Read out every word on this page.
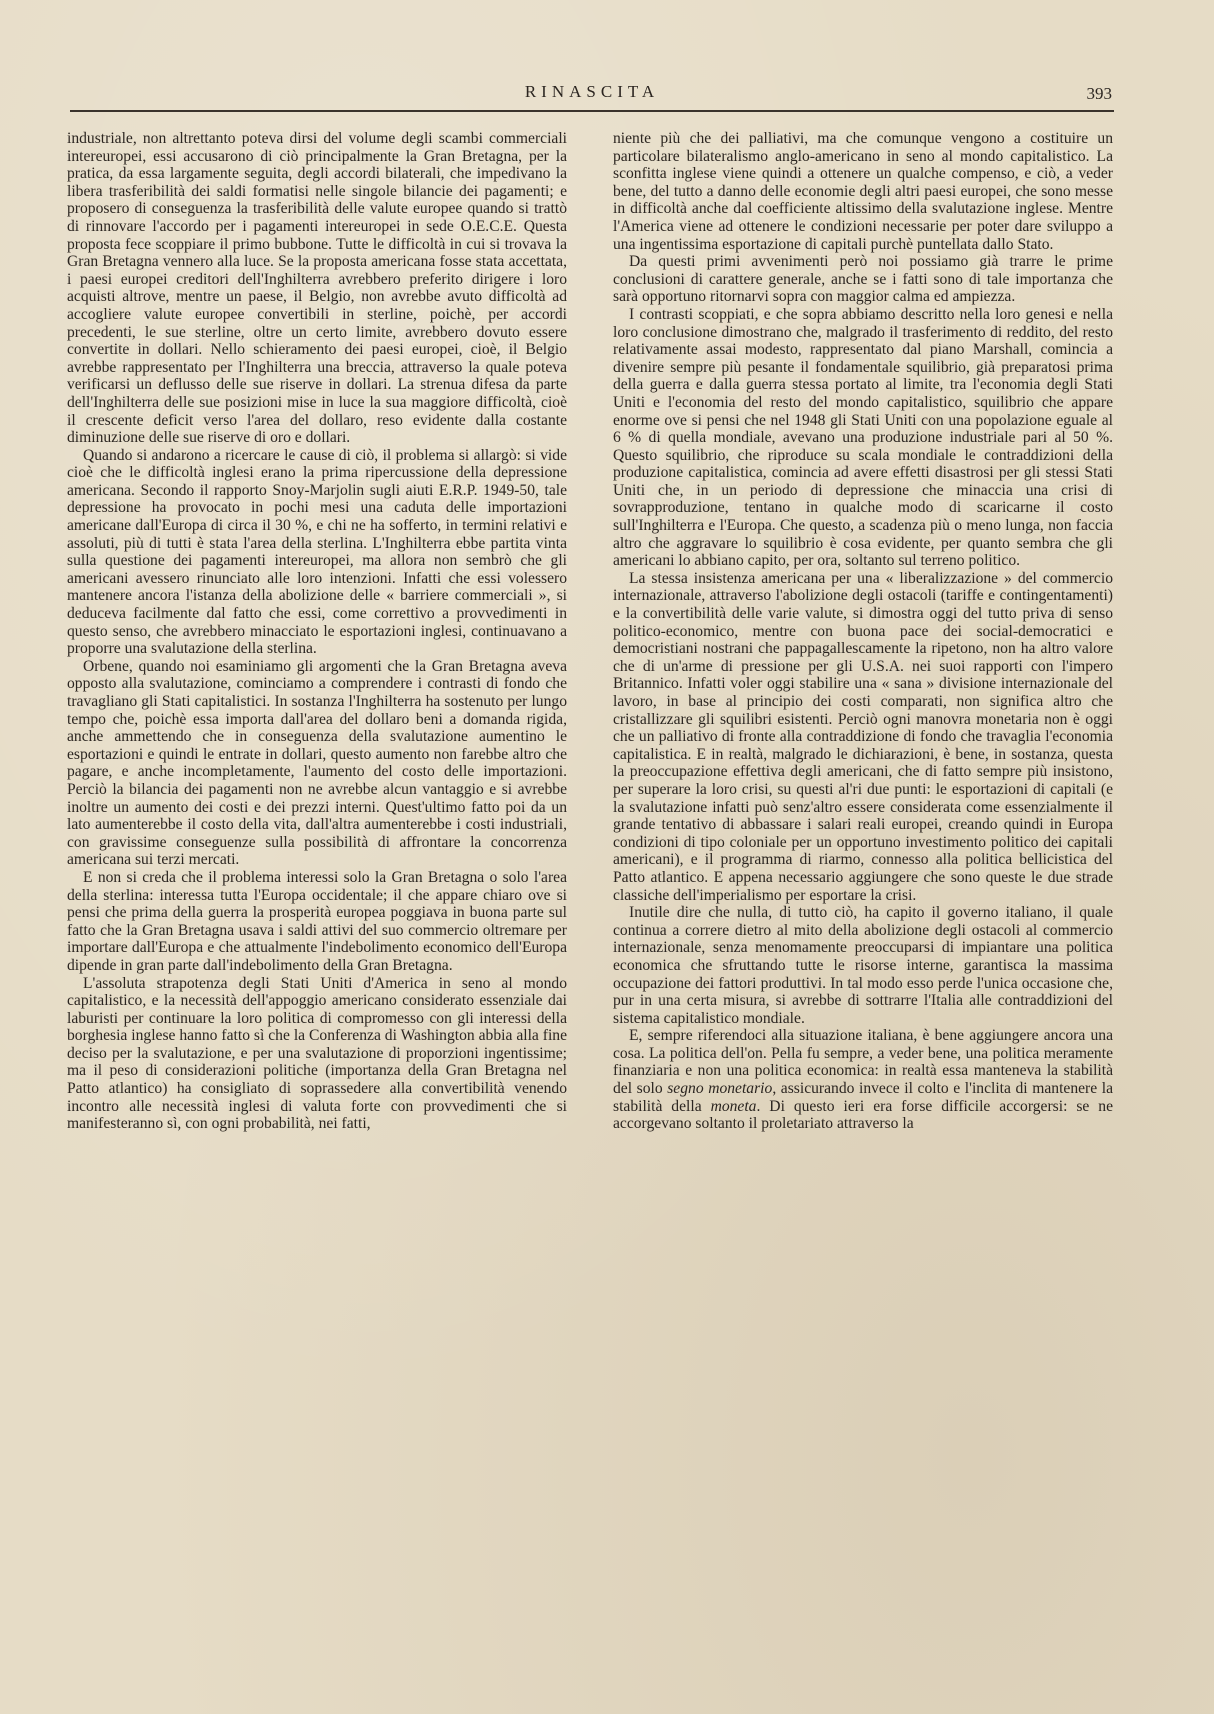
RINASCITA	393

industriale, non altrettanto poteva dirsi del volume degli scambi commerciali intereuropei, essi accusarono di ciò principalmente la Gran Bretagna, per la pratica, da essa largamente seguita, degli accordi bilaterali, che impedivano la libera trasferibilità dei saldi formatisi nelle singole bilancie dei pagamenti; e proposero di conseguenza la trasferibilità delle valute europee quando si trattò di rinnovare l'accordo per i pagamenti intereuropei in sede O.E.C.E. Questa proposta fece scoppiare il primo bubbone. Tutte le difficoltà in cui si trovava la Gran Bretagna vennero alla luce. Se la proposta americana fosse stata accettata, i paesi europei creditori dell'Inghilterra avrebbero preferito dirigere i loro acquisti altrove, mentre un paese, il Belgio, non avrebbe avuto difficoltà ad accogliere valute europee convertibili in sterline, poichè, per accordi precedenti, le sue sterline, oltre un certo limite, avrebbero dovuto essere convertite in dollari. Nello schieramento dei paesi europei, cioè, il Belgio avrebbe rappresentato per l'Inghilterra una breccia, attraverso la quale poteva verificarsi un deflusso delle sue riserve in dollari. La strenua difesa da parte dell'Inghilterra delle sue posizioni mise in luce la sua maggiore difficoltà, cioè il crescente deficit verso l'area del dollaro, reso evidente dalla costante diminuzione delle sue riserve di oro e dollari.

Quando si andarono a ricercare le cause di ciò, il problema si allargò: si vide cioè che le difficoltà inglesi erano la prima ripercussione della depressione americana. Secondo il rapporto Snoy-Marjolin sugli aiuti E.R.P. 1949-50, tale depressione ha provocato in pochi mesi una caduta delle importazioni americane dall'Europa di circa il 30 %, e chi ne ha sofferto, in termini relativi e assoluti, più di tutti è stata l'area della sterlina. L'Inghilterra ebbe partita vinta sulla questione dei pagamenti intereuropei, ma allora non sembrò che gli americani avessero rinunciato alle loro intenzioni. Infatti che essi volessero mantenere ancora l'istanza della abolizione delle « barriere commerciali », si deduceva facilmente dal fatto che essi, come correttivo a provvedimenti in questo senso, che avrebbero minacciato le esportazioni inglesi, continuavano a proporre una svalutazione della sterlina.

Orbene, quando noi esaminiamo gli argomenti che la Gran Bretagna aveva opposto alla svalutazione, cominciamo a comprendere i contrasti di fondo che travagliano gli Stati capitalistici. In sostanza l'Inghilterra ha sostenuto per lungo tempo che, poichè essa importa dall'area del dollaro beni a domanda rigida, anche ammettendo che in conseguenza della svalutazione aumentino le esportazioni e quindi le entrate in dollari, questo aumento non farebbe altro che pagare, e anche incompletamente, l'aumento del costo delle importazioni. Perciò la bilancia dei pagamenti non ne avrebbe alcun vantaggio e si avrebbe inoltre un aumento dei costi e dei prezzi interni. Quest'ultimo fatto poi da un lato aumenterebbe il costo della vita, dall'altra aumenterebbe i costi industriali, con gravissime conseguenze sulla possibilità di affrontare la concorrenza americana sui terzi mercati.

E non si creda che il problema interessi solo la Gran Bretagna o solo l'area della sterlina: interessa tutta l'Europa occidentale; il che appare chiaro ove si pensi che prima della guerra la prosperità europea poggiava in buona parte sul fatto che la Gran Bretagna usava i saldi attivi del suo commercio oltremare per importare dall'Europa e che attualmente l'indebolimento economico dell'Europa dipende in gran parte dall'indebolimento della Gran Bretagna.

L'assoluta strapotenza degli Stati Uniti d'America in seno al mondo capitalistico, e la necessità dell'appoggio americano considerato essenziale dai laburisti per continuare la loro politica di compromesso con gli interessi della borghesia inglese hanno fatto sì che la Conferenza di Washington abbia alla fine deciso per la svalutazione, e per una svalutazione di proporzioni ingentissime; ma il peso di considerazioni politiche (importanza della Gran Bretagna nel Patto atlantico) ha consigliato di soprassedere alla convertibilità venendo incontro alle necessità inglesi di valuta forte con provvedimenti che si manifesteranno sì, con ogni probabilità, nei fatti,

niente più che dei palliativi, ma che comunque vengono a costituire un particolare bilateralismo anglo-americano in seno al mondo capitalistico. La sconfitta inglese viene quindi a ottenere un qualche compenso, e ciò, a veder bene, del tutto a danno delle economie degli altri paesi europei, che sono messe in difficoltà anche dal coefficiente altissimo della svalutazione inglese. Mentre l'America viene ad ottenere le condizioni necessarie per poter dare sviluppo a una ingentissima esportazione di capitali purchè puntellata dallo Stato.

Da questi primi avvenimenti però noi possiamo già trarre le prime conclusioni di carattere generale, anche se i fatti sono di tale importanza che sarà opportuno ritornarvi sopra con maggior calma ed ampiezza.

I contrasti scoppiati, e che sopra abbiamo descritto nella loro genesi e nella loro conclusione dimostrano che, malgrado il trasferimento di reddito, del resto relativamente assai modesto, rappresentato dal piano Marshall, comincia a divenire sempre più pesante il fondamentale squilibrio, già preparatosi prima della guerra e dalla guerra stessa portato al limite, tra l'economia degli Stati Uniti e l'economia del resto del mondo capitalistico, squilibrio che appare enorme ove si pensi che nel 1948 gli Stati Uniti con una popolazione eguale al 6 % di quella mondiale, avevano una produzione industriale pari al 50 %. Questo squilibrio, che riproduce su scala mondiale le contraddizioni della produzione capitalistica, comincia ad avere effetti disastrosi per gli stessi Stati Uniti che, in un periodo di depressione che minaccia una crisi di sovrapproduzione, tentano in qualche modo di scaricarne il costo sull'Inghilterra e l'Europa. Che questo, a scadenza più o meno lunga, non faccia altro che aggravare lo squilibrio è cosa evidente, per quanto sembra che gli americani lo abbiano capito, per ora, soltanto sul terreno politico.

La stessa insistenza americana per una « liberalizzazione » del commercio internazionale, attraverso l'abolizione degli ostacoli (tariffe e contingentamenti) e la convertibilità delle varie valute, si dimostra oggi del tutto priva di senso politico-economico, mentre con buona pace dei social-democratici e democristiani nostrani che pappagallescamente la ripetono, non ha altro valore che di un'arme di pressione per gli U.S.A. nei suoi rapporti con l'impero Britannico. Infatti voler oggi stabilire una « sana » divisione internazionale del lavoro, in base al principio dei costi comparati, non significa altro che cristallizzare gli squilibri esistenti. Perciò ogni manovra monetaria non è oggi che un palliativo di fronte alla contraddizione di fondo che travaglia l'economia capitalistica. E in realtà, malgrado le dichiarazioni, è bene, in sostanza, questa la preoccupazione effettiva degli americani, che di fatto sempre più insistono, per superare la loro crisi, su questi al'ri due punti: le esportazioni di capitali (e la svalutazione infatti può senz'altro essere considerata come essenzialmente il grande tentativo di abbassare i salari reali europei, creando quindi in Europa condizioni di tipo coloniale per un opportuno investimento politico dei capitali americani), e il programma di riarmo, connesso alla politica bellicistica del Patto atlantico. E appena necessario aggiungere che sono queste le due strade classiche dell'imperialismo per esportare la crisi.

Inutile dire che nulla, di tutto ciò, ha capito il governo italiano, il quale continua a correre dietro al mito della abolizione degli ostacoli al commercio internazionale, senza menomamente preoccuparsi di impiantare una politica economica che sfruttando tutte le risorse interne, garantisca la massima occupazione dei fattori produttivi. In tal modo esso perde l'unica occasione che, pur in una certa misura, si avrebbe di sottrarre l'Italia alle contraddizioni del sistema capitalistico mondiale.

E, sempre riferendoci alla situazione italiana, è bene aggiungere ancora una cosa. La politica dell'on. Pella fu sempre, a veder bene, una politica meramente finanziaria e non una politica economica: in realtà essa manteneva la stabilità del solo segno monetario, assicurando invece il colto e l'inclita di mantenere la stabilità della moneta. Di questo ieri era forse difficile accorgersi: se ne accorgevano soltanto il proletariato attraverso la
